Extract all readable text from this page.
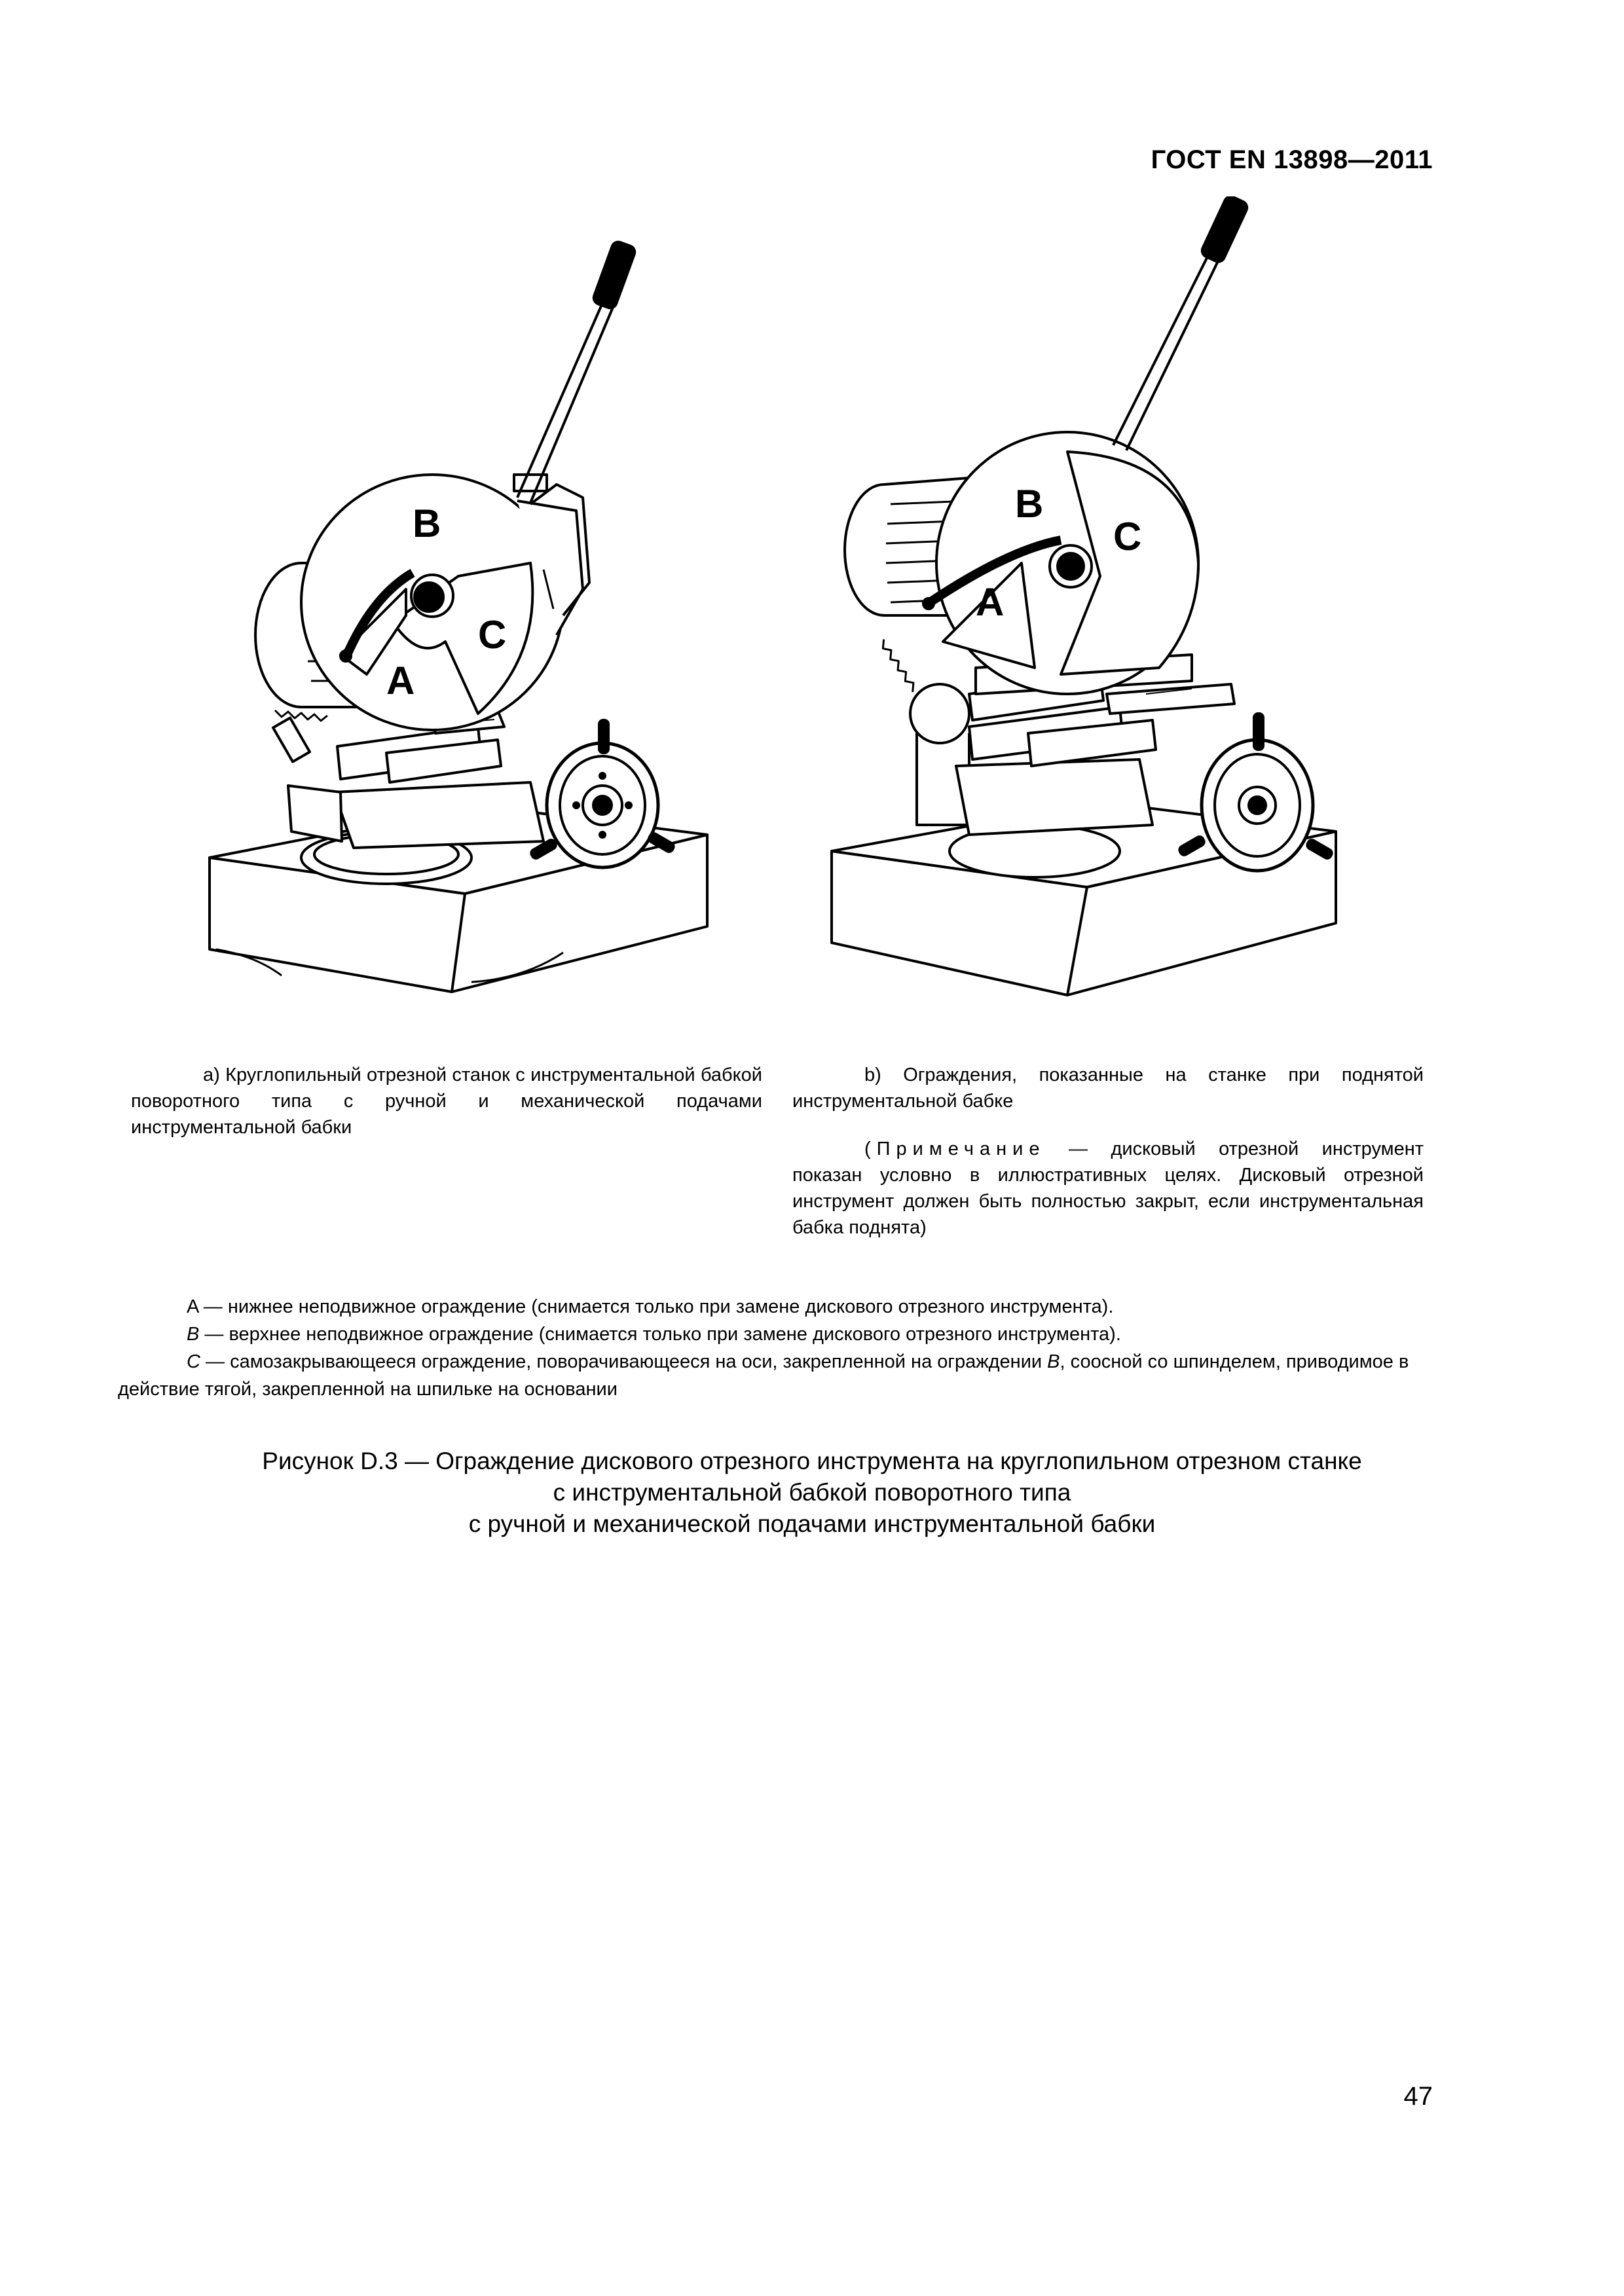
ГОСТ EN 13898—2011
B
C
A
B
C
A
a) Круглопильный отрезной станок с инструментальной бабкой поворотного типа с ручной и механической подачами инструментальной бабки
b) Ограждения, показанные на станке при поднятой инструментальной бабке
(Примечание — дисковый отрезной инструмент показан условно в иллюстративных целях. Дисковый отрезной инструмент должен быть полностью закрыт, если инструментальная бабка поднята)

A — нижнее неподвижное ограждение (снимается только при замене дискового отрезного инструмента).

B — верхнее неподвижное ограждение (снимается только при замене дискового отрезного инструмента).

C — самозакрывающееся ограждение, поворачивающееся на оси, закрепленной на ограждении B, соосной со шпинделем, приводимое в действие тягой, закрепленной на шпильке на основании

Рисунок D.3 — Ограждение дискового отрезного инструмента на круглопильном отрезном станке
с инструментальной бабкой поворотного типа
с ручной и механической подачами инструментальной бабки
47
